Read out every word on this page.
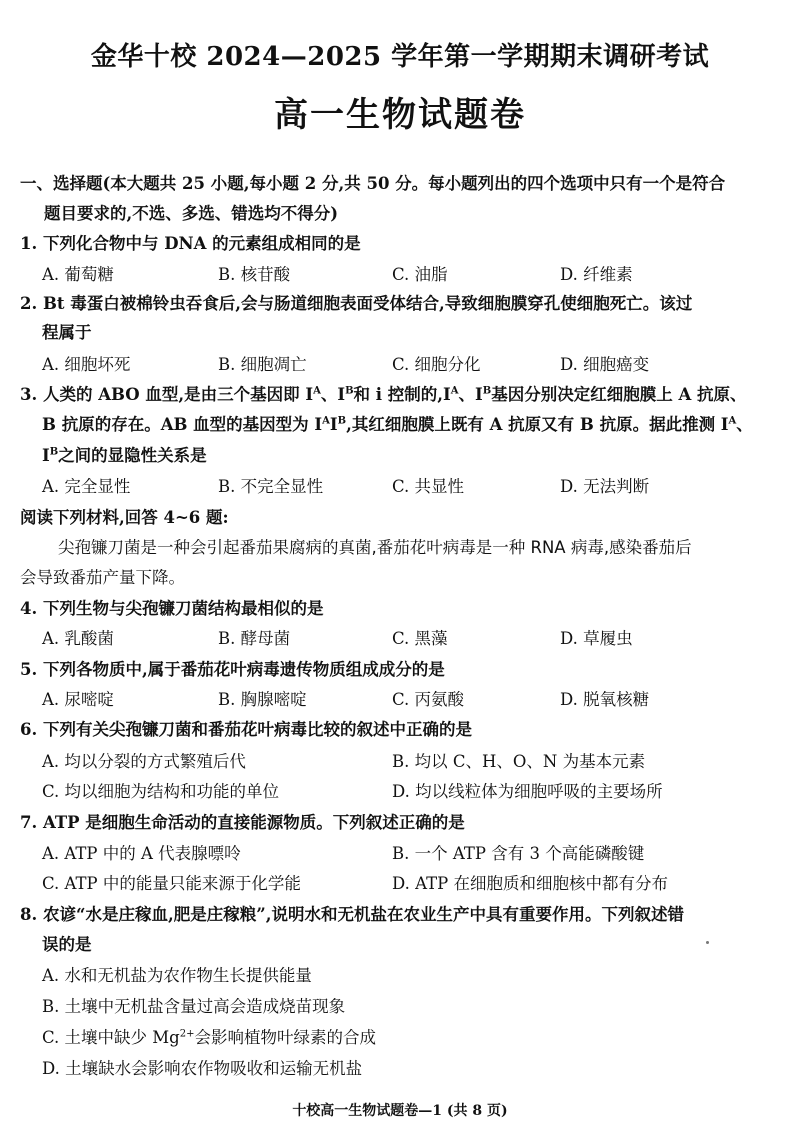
金华十校 2024—2025 学年第一学期期末调研考试
高一生物试题卷
一、选择题(本大题共 25 小题,每小题 2 分,共 50 分。每小题列出的四个选项中只有一个是符合
题目要求的,不选、多选、错选均不得分)
1. 下列化合物中与 DNA 的元素组成相同的是
A. 葡萄糖	B. 核苷酸	C. 油脂	D. 纤维素
2. Bt 毒蛋白被棉铃虫吞食后,会与肠道细胞表面受体结合,导致细胞膜穿孔使细胞死亡。该过
程属于
A. 细胞坏死	B. 细胞凋亡	C. 细胞分化	D. 细胞癌变
3. 人类的 ABO 血型,是由三个基因即 $I^A$、$I^B$和 i 控制的$,I^A$、$I^B$基因分别决定红细胞膜上 A 抗原、
B 抗原的存在。AB 血型的基因型为 $I^AI^B$,其红细胞膜上既有 A 抗原又有 B 抗原。据此推测 $I^A$、
$I^B$之间的显隐性关系是
A. 完全显性	B. 不完全显性	C. 共显性	D. 无法判断
阅读下列材料,回答 4~6 题:
尖孢镰刀菌是一种会引起番茄果腐病的真菌,番茄花叶病毒是一种 RNA 病毒,感染番茄后
会导致番茄产量下降。
4. 下列生物与尖孢镰刀菌结构最相似的是
A. 乳酸菌	B. 酵母菌	C. 黑藻	D. 草履虫
5. 下列各物质中,属于番茄花叶病毒遗传物质组成成分的是
A. 尿嘧啶	B. 胸腺嘧啶	C. 丙氨酸	D. 脱氧核糖
6. 下列有关尖孢镰刀菌和番茄花叶病毒比较的叙述中正确的是
A. 均以分裂的方式繁殖后代	B. 均以 C、H、O、N 为基本元素
C. 均以细胞为结构和功能的单位	D. 均以线粒体为细胞呼吸的主要场所
7. ATP 是细胞生命活动的直接能源物质。下列叙述正确的是
A. ATP 中的 A 代表腺嘌呤	B. 一个 ATP 含有 3 个高能磷酸键
C. ATP 中的能量只能来源于化学能	D. ATP 在细胞质和细胞核中都有分布
8. 农谚“水是庄稼血,肥是庄稼粮”,说明水和无机盐在农业生产中具有重要作用。下列叙述错
误的是
A. 水和无机盐为农作物生长提供能量
B. 土壤中无机盐含量过高会造成烧苗现象
C. 土壤中缺少 $Mg^{2+}$会影响植物叶绿素的合成
D. 土壤缺水会影响农作物吸收和运输无机盐
十校高一生物试题卷—1 (共 8 页)
